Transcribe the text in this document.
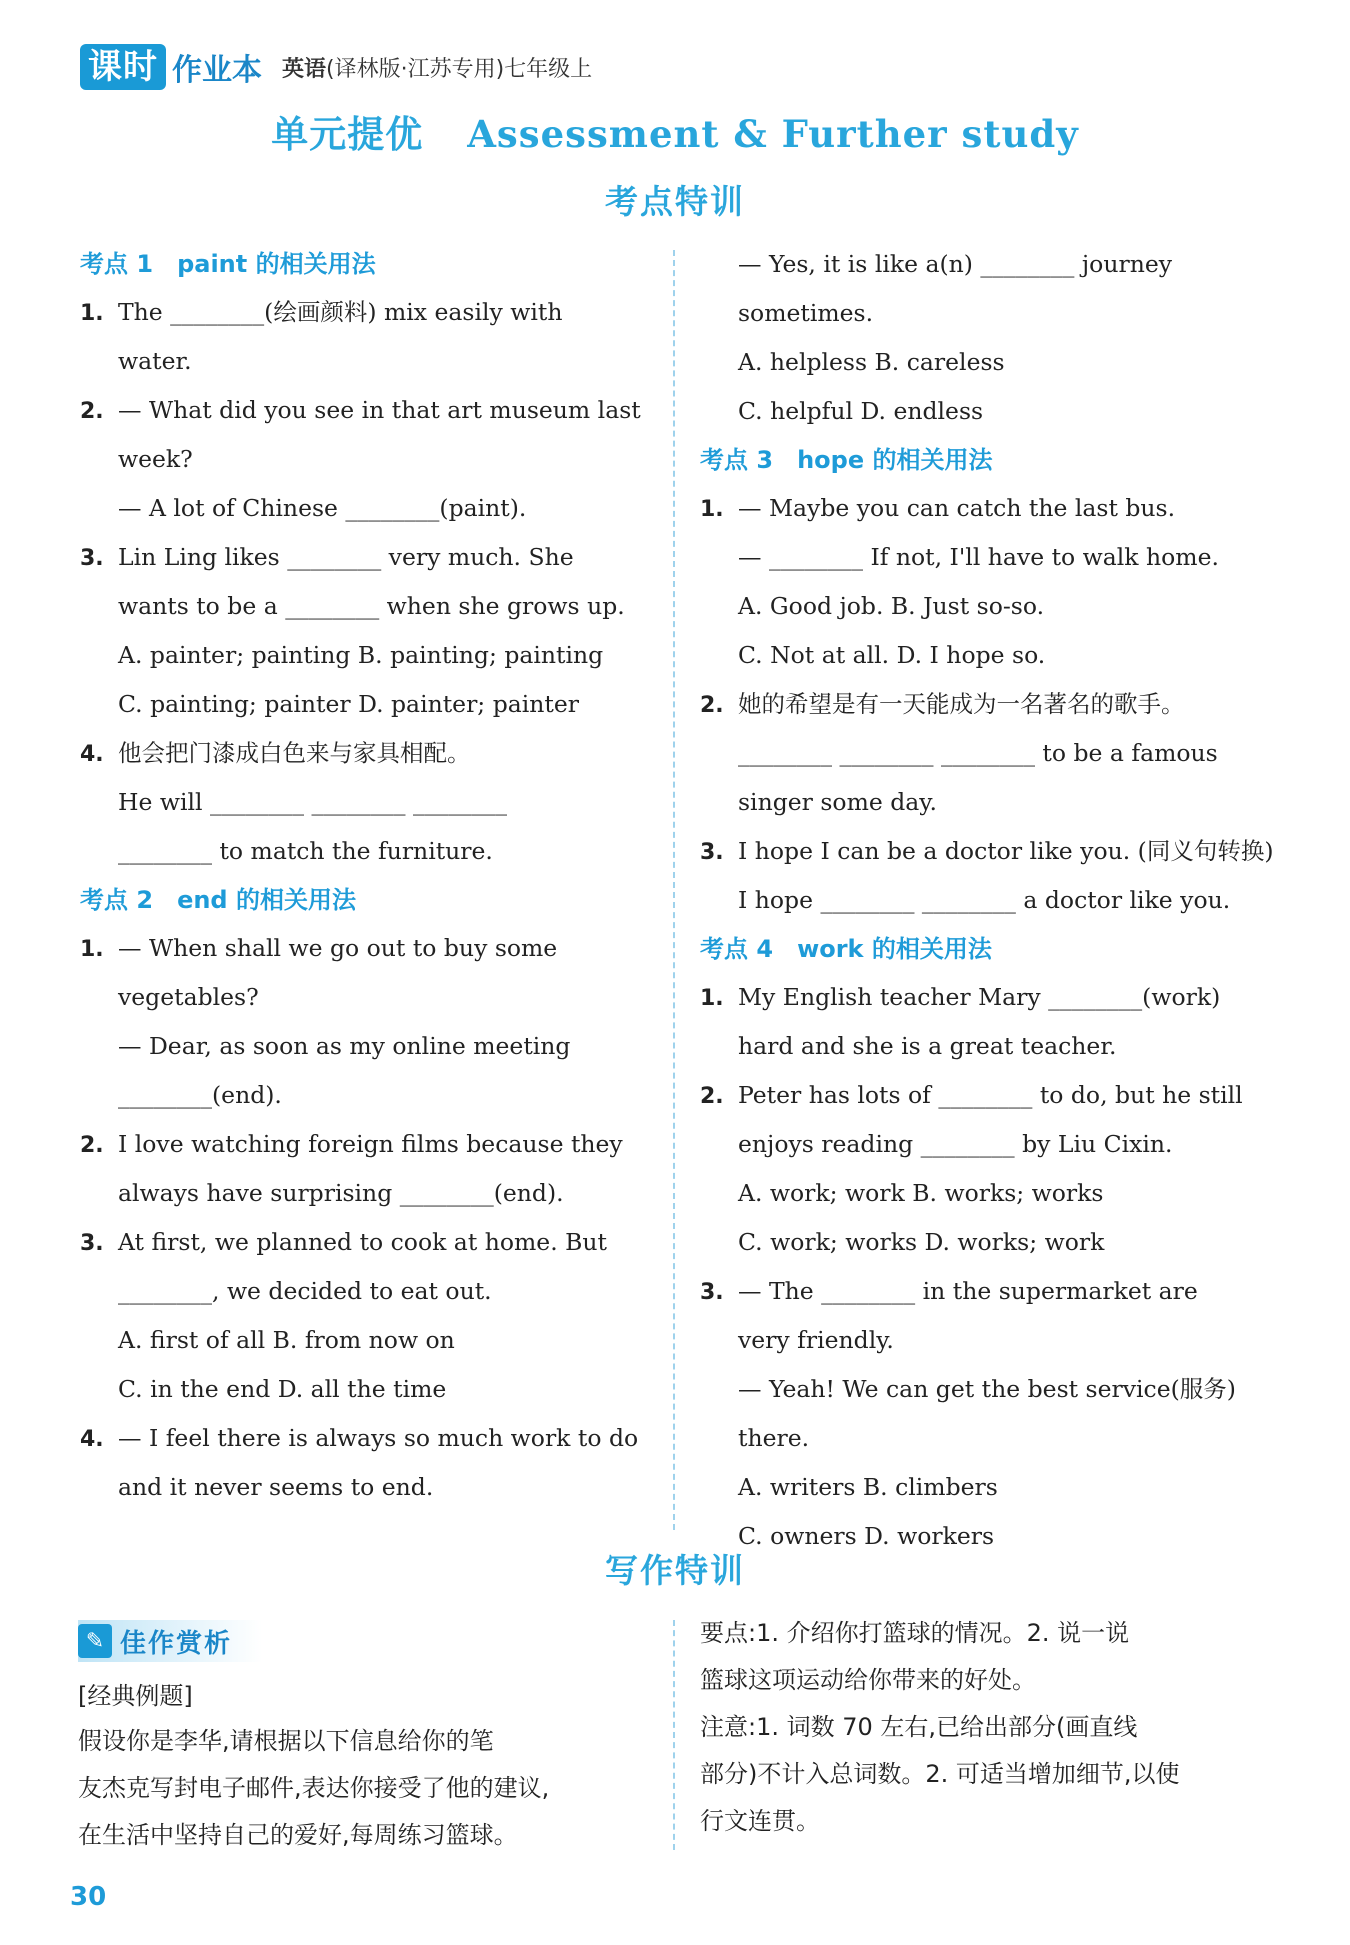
课时 作业本 英语(译林版·江苏专用)七年级上
单元提优 Assessment & Further study
考点特训
考点 1 paint 的相关用法
1. The ________(绘画颜料) mix easily with
water.
2. — What did you see in that art museum last
week?
— A lot of Chinese ________(paint).
3. Lin Ling likes ________ very much. She
wants to be a ________ when she grows up.
A. painter; painting B. painting; painting
C. painting; painter D. painter; painter
4. 他会把门漆成白色来与家具相配。
He will ________ ________ ________
________ to match the furniture.
考点 2 end 的相关用法
1. — When shall we go out to buy some
vegetables?
— Dear, as soon as my online meeting
________(end).
2. I love watching foreign films because they
always have surprising ________(end).
3. At first, we planned to cook at home. But
________, we decided to eat out.
A. first of all B. from now on
C. in the end D. all the time
4. — I feel there is always so much work to do
and it never seems to end.
— Yes, it is like a(n) ________ journey
sometimes.
A. helpless B. careless
C. helpful D. endless
考点 3 hope 的相关用法
1. — Maybe you can catch the last bus.
— ________ If not, I'll have to walk home.
A. Good job. B. Just so-so.
C. Not at all. D. I hope so.
2. 她的希望是有一天能成为一名著名的歌手。
________ ________ ________ to be a famous
singer some day.
3. I hope I can be a doctor like you. (同义句转换)
I hope ________ ________ a doctor like you.
考点 4 work 的相关用法
1. My English teacher Mary ________(work)
hard and she is a great teacher.
2. Peter has lots of ________ to do, but he still
enjoys reading ________ by Liu Cixin.
A. work; work B. works; works
C. work; works D. works; work
3. — The ________ in the supermarket are
very friendly.
— Yeah! We can get the best service(服务)
there.
A. writers B. climbers
C. owners D. workers
写作特训
✎ 佳作赏析
[经典例题]
假设你是李华,请根据以下信息给你的笔
友杰克写封电子邮件,表达你接受了他的建议,
在生活中坚持自己的爱好,每周练习篮球。
要点:1. 介绍你打篮球的情况。2. 说一说
篮球这项运动给你带来的好处。
注意:1. 词数 70 左右,已给出部分(画直线
部分)不计入总词数。2. 可适当增加细节,以使
行文连贯。
30
